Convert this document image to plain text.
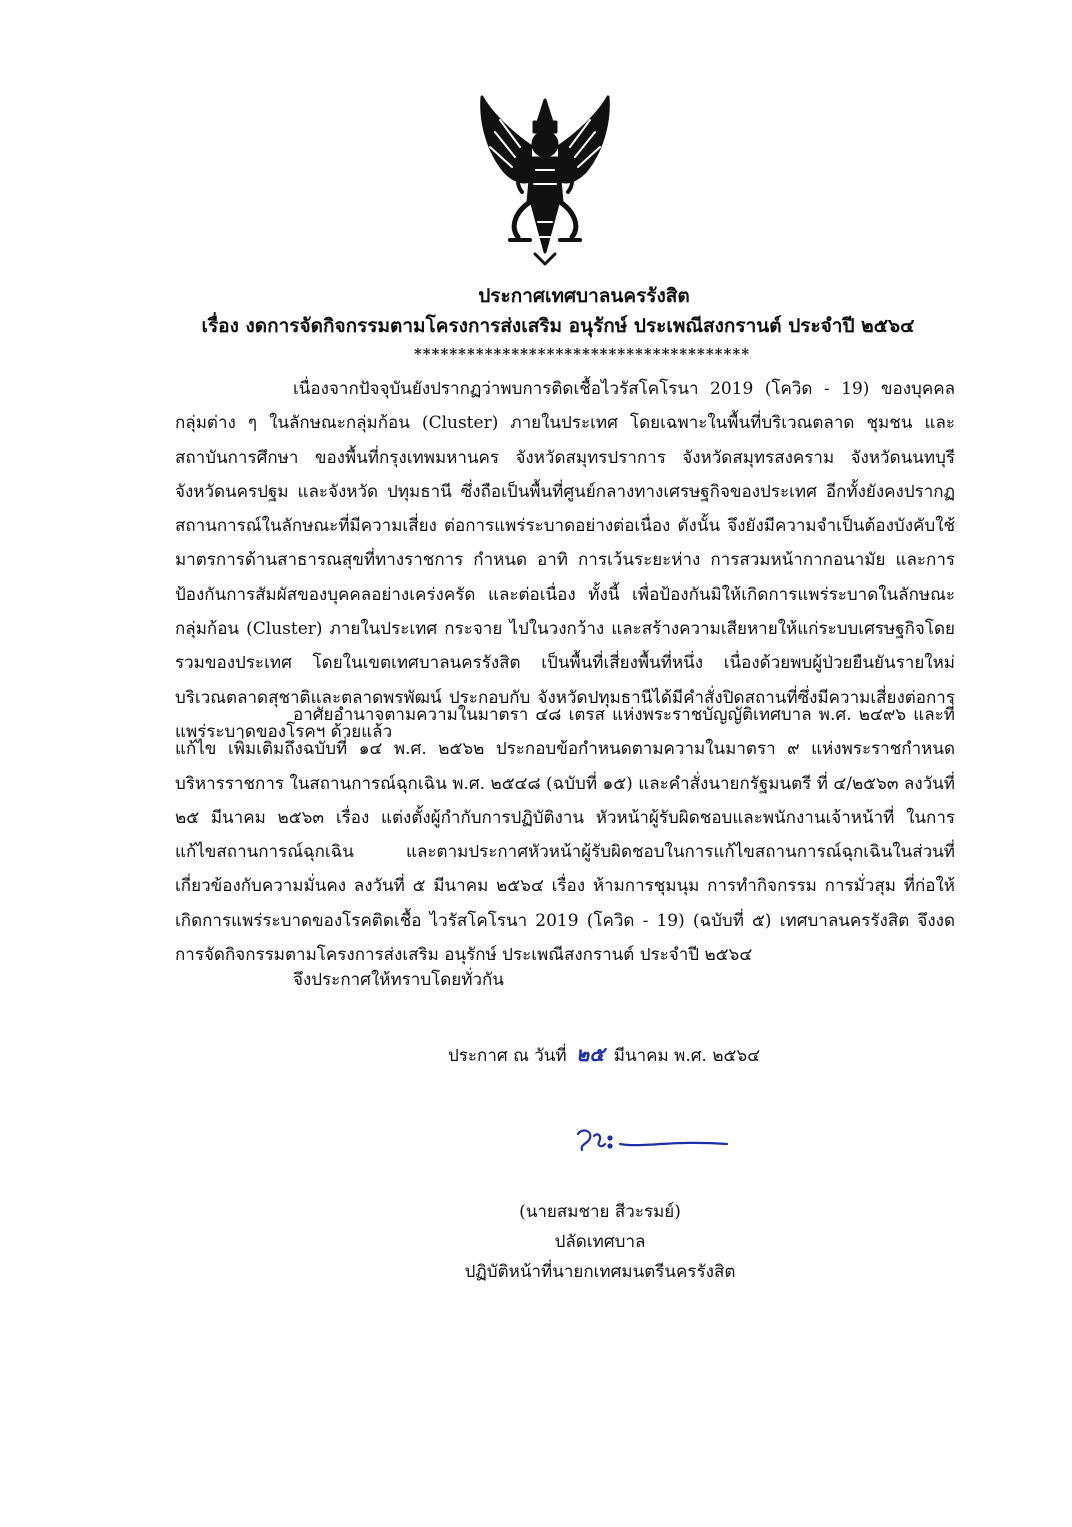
ประกาศเทศบาลนครรังสิต
เรื่อง งดการจัดกิจกรรมตามโครงการส่งเสริม อนุรักษ์ ประเพณีสงกรานต์ ประจำปี ๒๕๖๔
**************************************

เนื่องจากปัจจุบันยังปรากฏว่าพบการติดเชื้อไวรัสโคโรนา 2019 (โควิด - 19) ของบุคคลกลุ่มต่าง ๆ ในลักษณะกลุ่มก้อน (Cluster) ภายในประเทศ โดยเฉพาะในพื้นที่บริเวณตลาด ชุมชน และสถาบันการศึกษา ของพื้นที่กรุงเทพมหานคร จังหวัดสมุทรปราการ จังหวัดสมุทรสงคราม จังหวัดนนทบุรี จังหวัดนครปฐม และจังหวัด ปทุมธานี ซึ่งถือเป็นพื้นที่ศูนย์กลางทางเศรษฐกิจของประเทศ อีกทั้งยังคงปรากฏสถานการณ์ในลักษณะที่มีความเสี่ยง ต่อการแพร่ระบาดอย่างต่อเนื่อง ดังนั้น จึงยังมีความจำเป็นต้องบังคับใช้มาตรการด้านสาธารณสุขที่ทางราชการ กำหนด อาทิ การเว้นระยะห่าง การสวมหน้ากากอนามัย และการป้องกันการสัมผัสของบุคคลอย่างเคร่งครัด และต่อเนื่อง ทั้งนี้ เพื่อป้องกันมิให้เกิดการแพร่ระบาดในลักษณะกลุ่มก้อน (Cluster) ภายในประเทศ กระจาย ไปในวงกว้าง และสร้างความเสียหายให้แก่ระบบเศรษฐกิจโดยรวมของประเทศ โดยในเขตเทศบาลนครรังสิต เป็นพื้นที่เสี่ยงพื้นที่หนึ่ง เนื่องด้วยพบผู้ป่วยยืนยันรายใหม่ บริเวณตลาดสุชาติและตลาดพรพัฒน์ ประกอบกับ จังหวัดปทุมธานีได้มีคำสั่งปิดสถานที่ซึ่งมีความเสี่ยงต่อการแพร่ระบาดของโรคฯ ด้วยแล้ว

อาศัยอำนาจตามความในมาตรา ๔๘ เตรส แห่งพระราชบัญญัติเทศบาล พ.ศ. ๒๔๙๖ และที่แก้ไข เพิ่มเติมถึงฉบับที่ ๑๔ พ.ศ. ๒๕๖๒ ประกอบข้อกำหนดตามความในมาตรา ๙ แห่งพระราชกำหนดบริหารราชการ ในสถานการณ์ฉุกเฉิน พ.ศ. ๒๕๔๘ (ฉบับที่ ๑๕) และคำสั่งนายกรัฐมนตรี ที่ ๔/๒๕๖๓ ลงวันที่ ๒๕ มีนาคม ๒๕๖๓ เรื่อง แต่งตั้งผู้กำกับการปฏิบัติงาน หัวหน้าผู้รับผิดชอบและพนักงานเจ้าหน้าที่ ในการแก้ไขสถานการณ์ฉุกเฉิน และตามประกาศหัวหน้าผู้รับผิดชอบในการแก้ไขสถานการณ์ฉุกเฉินในส่วนที่เกี่ยวข้องกับความมั่นคง ลงวันที่ ๕ มีนาคม ๒๕๖๔ เรื่อง ห้ามการชุมนุม การทำกิจกรรม การมั่วสุม ที่ก่อให้เกิดการแพร่ระบาดของโรคติดเชื้อ ไวรัสโคโรนา 2019 (โควิด - 19) (ฉบับที่ ๕) เทศบาลนครรังสิต จึงงดการจัดกิจกรรมตามโครงการส่งเสริม อนุรักษ์ ประเพณีสงกรานต์ ประจำปี ๒๕๖๔

จึงประกาศให้ทราบโดยทั่วกัน
ประกาศ ณ วันที่ ๒๕ มีนาคม พ.ศ. ๒๕๖๔
(นายสมชาย สีวะรมย์)
ปลัดเทศบาล
ปฏิบัติหน้าที่นายกเทศมนตรีนครรังสิต
